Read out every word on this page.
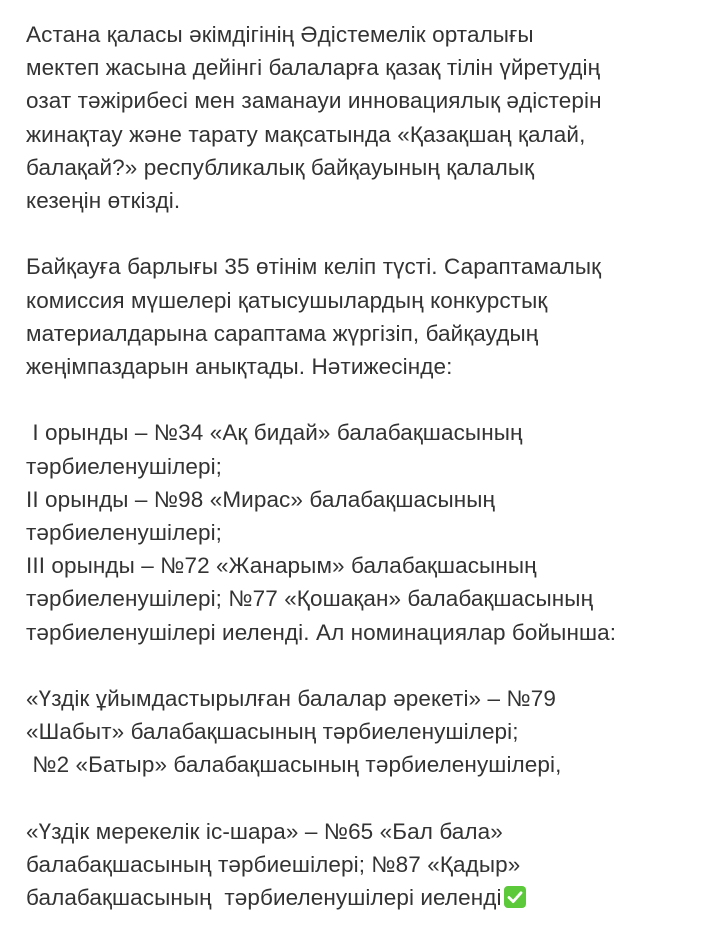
Астана қаласы әкімдігінің Әдістемелік орталығы
мектеп жасына дейінгі балаларға қазақ тілін үйретудің
озат тәжірибесі мен заманауи инновациялық әдістерін
жинақтау және тарату мақсатында «Қазақшаң қалай,
балақай?» республикалық байқауының қалалық
кезеңін өткізді.

Байқауға барлығы 35 өтінім келіп түсті. Сараптамалық
комиссия мүшелері қатысушылардың конкурстық
материалдарына сараптама жүргізіп, байқаудың
жеңімпаздарын анықтады. Нәтижесінде:

І орынды – №34 «Ақ бидай» балабақшасының
тәрбиеленушілері;
ІІ орынды – №98 «Мирас» балабақшасының
тәрбиеленушілері;
ІІІ орынды – №72 «Жанарым» балабақшасының
тәрбиеленушілері; №77 «Қошақан» балабақшасының
тәрбиеленушілері иеленді. Ал номинациялар бойынша:

«Үздік ұйымдастырылған балалар әрекеті» – №79
«Шабыт» балабақшасының тәрбиеленушілері;
№2 «Батыр» балабақшасының тәрбиеленушілері,

«Үздік мерекелік іс-шара» – №65 «Бал бала»
балабақшасының тәрбиешілері; №87 «Қадыр»
балабақшасының  тәрбиеленушілері иеленді
